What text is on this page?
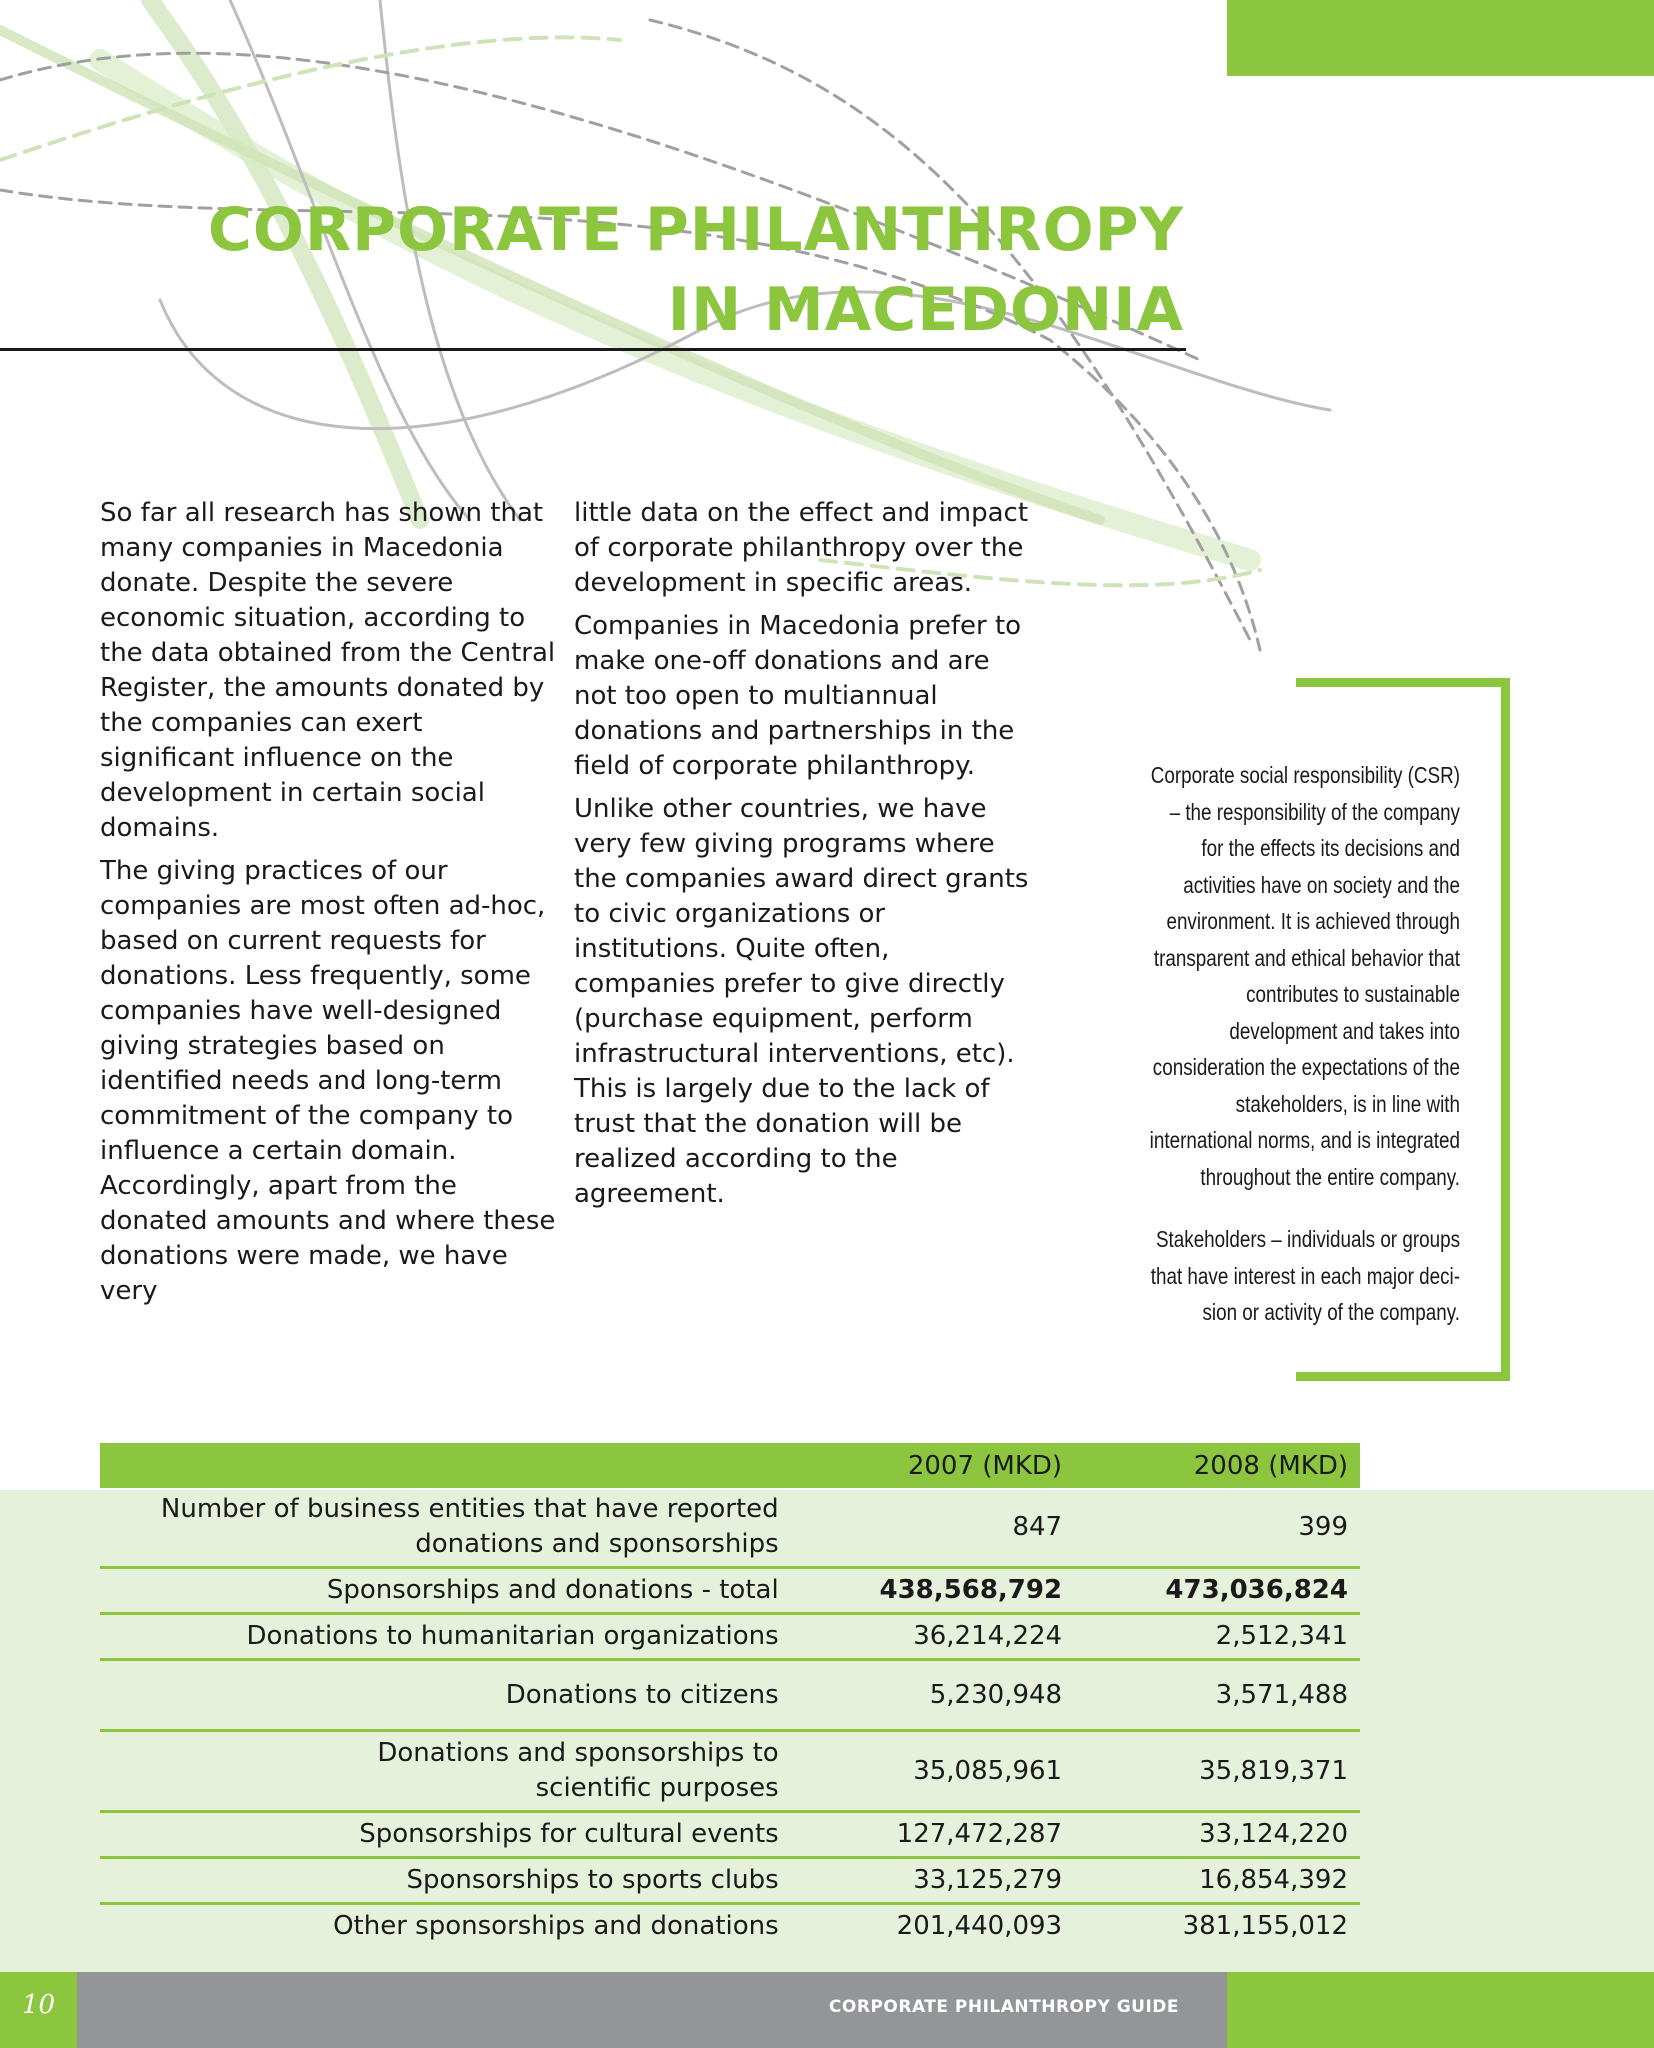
CORPORATE PHILANTHROPY
IN MACEDONIA

So far all research has shown that many companies in Macedonia donate. Despite the severe economic situation, according to the data obtained from the Central Register, the amounts donated by the companies can exert significant influence on the development in certain social domains.

The giving practices of our companies are most often ad-hoc, based on current requests for donations. Less frequently, some companies have well-designed giving strategies based on identified needs and long-term commitment of the company to influence a certain domain. Accordingly, apart from the donated amounts and where these donations were made, we have very

little data on the effect and impact of corporate philanthropy over the development in specific areas.

Companies in Macedonia prefer to make one-off donations and are not too open to multiannual donations and partnerships in the field of corporate philanthropy.

Unlike other countries, we have very few giving programs where the companies award direct grants to civic organizations or institutions. Quite often, companies prefer to give directly (purchase equipment, perform infrastructural interventions, etc). This is largely due to the lack of trust that the donation will be realized according to the agreement.

Corporate social responsibility (CSR) – the responsibility of the company for the effects its decisions and activities have on society and the environment. It is achieved through transparent and ethical behavior that contributes to sustainable development and takes into consideration the expectations of the stakeholders, is in line with international norms, and is integrated throughout the entire company.

Stakeholders – individuals or groups that have interest in each major deci-sion or activity of the company.

	2007 (MKD)	2008 (MKD)
Number of business entities that have reported donations and sponsorships	847	399
Sponsorships and donations - total	438,568,792	473,036,824
Donations to humanitarian organizations	36,214,224	2,512,341
Donations to citizens	5,230,948	3,571,488
Donations and sponsorships to scientific purposes	35,085,961	35,819,371
Sponsorships for cultural events	127,472,287	33,124,220
Sponsorships to sports clubs	33,125,279	16,854,392
Other sponsorships and donations	201,440,093	381,155,012
10	CORPORATE PHILANTHROPY GUIDE
